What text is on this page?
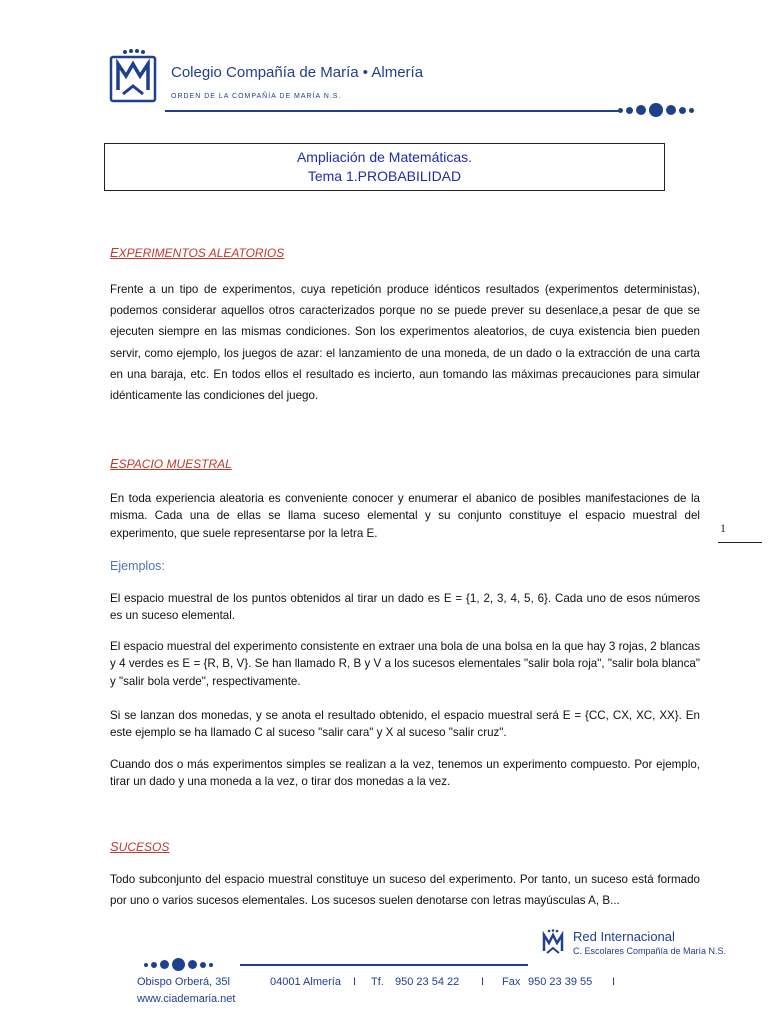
Colegio Compañía de María • Almería
ORDEN DE LA COMPAÑÍA DE MARÍA N.S.
Ampliación de Matemáticas.
Tema 1.PROBABILIDAD
EXPERIMENTOS ALEATORIOS
Frente a un tipo de experimentos, cuya repetición produce idénticos resultados (experimentos deterministas), podemos considerar aquellos otros caracterizados porque no se puede prever su desenlace,a pesar de que se ejecuten siempre en las mismas condiciones. Son los experimentos aleatorios, de cuya existencia bien pueden servir, como ejemplo, los juegos de azar: el lanzamiento de una moneda, de un dado o la extracción de una carta en una baraja, etc. En todos ellos el resultado es incierto, aun tomando las máximas precauciones para simular idénticamente las condiciones del juego.
ESPACIO MUESTRAL
En toda experiencia aleatoria es conveniente conocer y enumerar el abanico de posibles manifestaciones de la misma. Cada una de ellas se llama suceso elemental y su conjunto constituye el espacio muestral del experimento, que suele representarse por la letra E.
Ejemplos:
El espacio muestral de los puntos obtenidos al tirar un dado es E = {1, 2, 3, 4, 5, 6}. Cada uno de esos números es un suceso elemental.
El espacio muestral del experimento consistente en extraer una bola de una bolsa en la que hay 3 rojas, 2 blancas y 4 verdes es E = {R, B, V}. Se han llamado R, B y V a los sucesos elementales "salir bola roja", "salir bola blanca" y "salir bola verde", respectivamente.
Si se lanzan dos monedas, y se anota el resultado obtenido, el espacio muestral será E = {CC, CX, XC, XX}. En este ejemplo se ha llamado C al suceso "salir cara" y X al suceso "salir cruz".
Cuando dos o más experimentos simples se realizan a la vez, tenemos un experimento compuesto. Por ejemplo, tirar un dado y una moneda a la vez, o tirar dos monedas a la vez.
SUCESOS
Todo subconjunto del espacio muestral constituye un suceso del experimento. Por tanto, un suceso está formado por uno o varios sucesos elementales. Los sucesos suelen denotarse con letras mayúsculas A, B...
1
Red Internacional
C. Escolares Compañía de María N.S.
Obispo Orberá, 35l	04001 Almería I Tf. 950 23 54 22 I Fax 950 23 39 55 I
www.ciademaria.net
